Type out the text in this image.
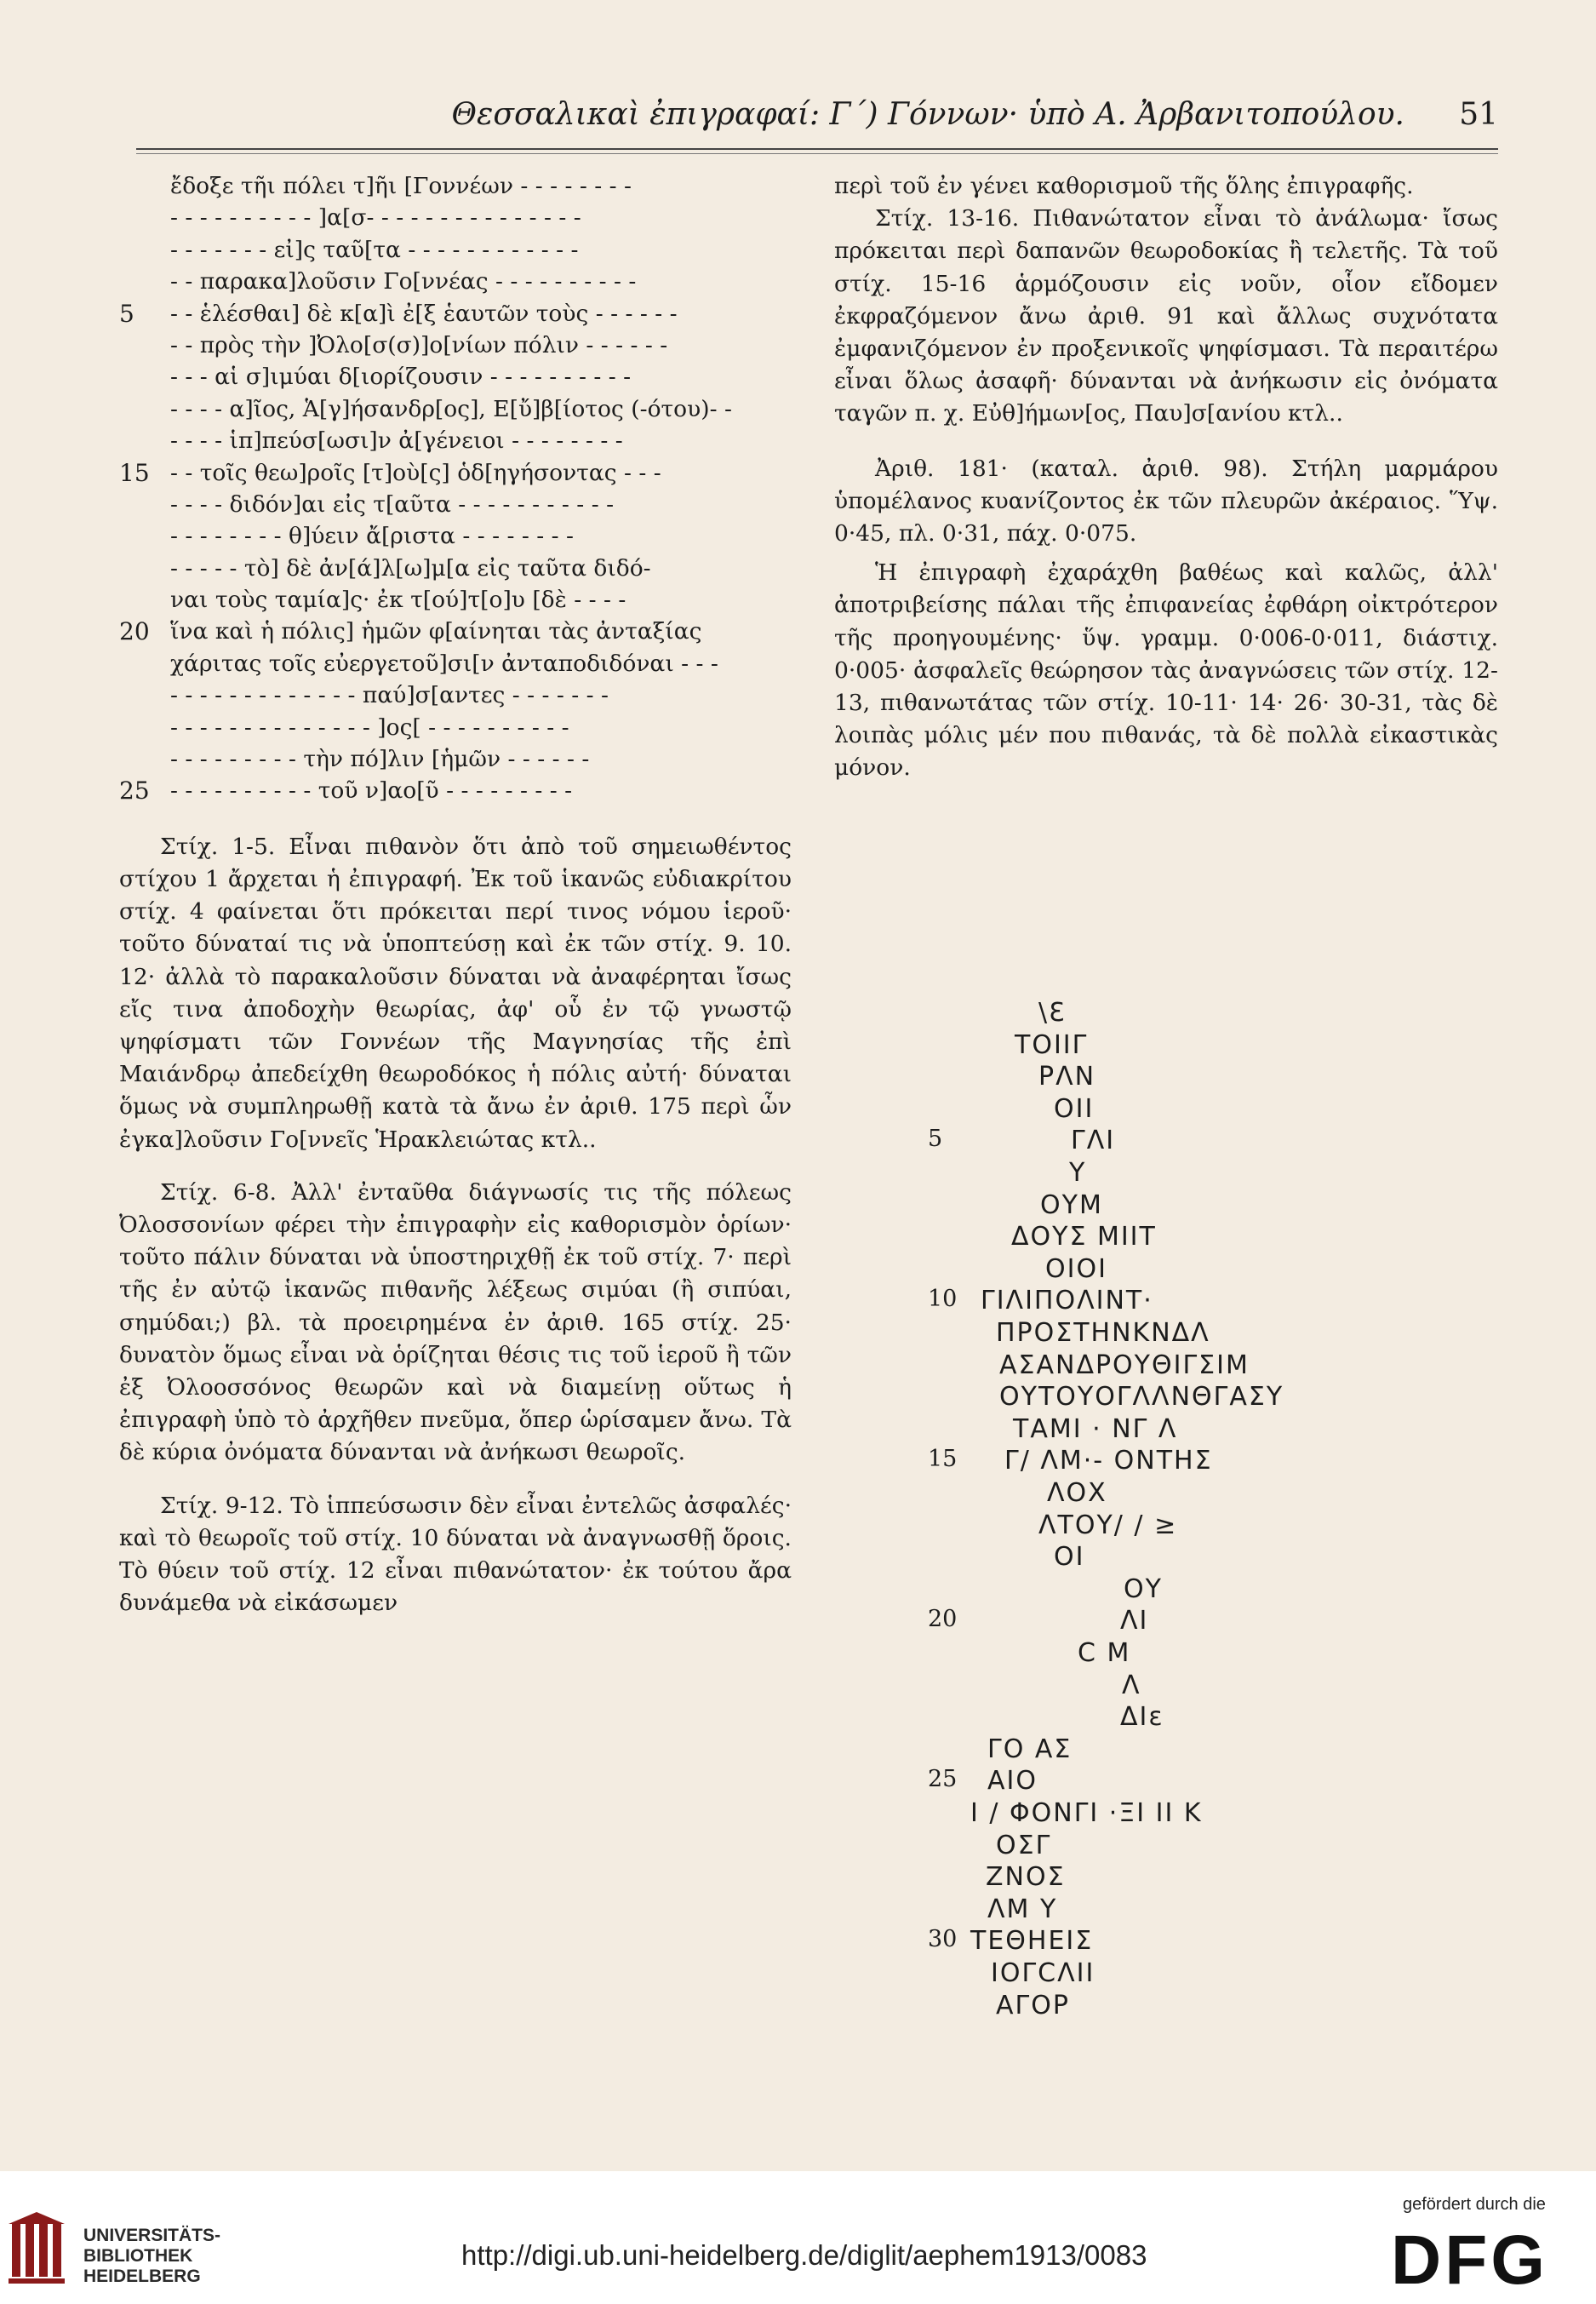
Θεσσαλικαὶ ἐπιγραφαί: Γ΄) Γόννων· ὑπὸ Α. Ἀρβανιτοπούλου. 51
ἔδοξε τῆι πόλει τ]ῆι [Γοννέων - - - - - - - -
- - - - - - - - - - ]α[σ- - - - - - - - - - - - - - -
- - - - - - - εἰ]ς ταῦ[τα - - - - - - - - - - - -
- - παρακα]λοῦσιν Γο[ννέας - - - - - - - - - -
5	- - ἑλέσθαι] δὲ κ[α]ὶ ἐ[ξ ἑαυτῶν τοὺς - - - - - -
- - πρὸς τὴν ]Ὀλο[σ(σ)]ο[νίων πόλιν - - - - - -
- - - αἱ σ]ιμύαι δ[ιορίζουσιν - - - - - - - - - -
- - - - α]ῖος, Ἁ[γ]ήσανδρ[ος], Ε[ὔ]β[ίοτος (-ότου)- -
- - - - ἱπ]πεύσ[ωσι]ν ἀ[γένειοι - - - - - - - -
15 - - τοῖς θεω]ροῖς [τ]οὺ[ς] ὁδ[ηγήσοντας - - -
- - - - διδόν]αι εἰς τ[αῦτα - - - - - - - - - - -
- - - - - - - - θ]ύειν ἄ[ριστα - - - - - - - -
- - - - - τὸ] δὲ ἀν[ά]λ[ω]μ[α εἰς ταῦτα διδό-
ναι τοὺς ταμία]ς· ἐκ τ[ού]τ[ο]υ [δὲ - - - -
20 ἵνα καὶ ἡ πόλις] ἡμῶν φ[αίνηται τὰς ἀνταξίας
χάριτας τοῖς εὐεργετοῦ]σι[ν ἀνταποδιδόναι - - -
- - - - - - - - - - - - - παύ]σ[αντες - - - - - - -
- - - - - - - - - - - - - - ]ος[ - - - - - - - - - -
- - - - - - - - - τὴν πό]λιν [ἡμῶν - - - - - -
25 - - - - - - - - - - τοῦ ν]αο[ῦ - - - - - - - - -

Στίχ. 1-5. Εἶναι πιθανὸν ὅτι ἀπὸ τοῦ σημειωθέντος στίχου 1 ἄρχεται ἡ ἐπιγραφή. Ἐκ τοῦ ἱκανῶς εὐδιακρίτου στίχ. 4 φαίνεται ὅτι πρόκειται περί τινος νόμου ἱεροῦ· τοῦτο δύναταί τις νὰ ὑποπτεύσῃ καὶ ἐκ τῶν στίχ. 9. 10. 12· ἀλλὰ τὸ παρακαλοῦσιν δύναται νὰ ἀναφέρηται ἴσως εἴς τινα ἀποδοχὴν θεωρίας, ἀφ' οὗ ἐν τῷ γνωστῷ ψηφίσματι τῶν Γοννέων τῆς Μαγνησίας τῆς ἐπὶ Μαιάνδρῳ ἀπεδείχθη θεωροδόκος ἡ πόλις αὐτή· δύναται ὅμως νὰ συμπληρωθῇ κατὰ τὰ ἄνω ἐν ἀριθ. 175 περὶ ὧν ἐγκα]λοῦσιν Γο[ννεῖς Ἡρακλειώτας κτλ..

Στίχ. 6-8. Ἀλλ' ἐνταῦθα διάγνωσίς τις τῆς πόλεως Ὀλοσσονίων φέρει τὴν ἐπιγραφὴν εἰς καθορισμὸν ὁρίων· τοῦτο πάλιν δύναται νὰ ὑποστηριχθῇ ἐκ τοῦ στίχ. 7· περὶ τῆς ἐν αὐτῷ ἱκανῶς πιθανῆς λέξεως σιμύαι (ἢ σιπύαι, σημύδαι;) βλ. τὰ προειρημένα ἐν ἀριθ. 165 στίχ. 25· δυνατὸν ὅμως εἶναι νὰ ὁρίζηται θέσις τις τοῦ ἱεροῦ ἢ τῶν ἐξ Ὀλοοσσόνος θεωρῶν καὶ νὰ διαμείνῃ οὕτως ἡ ἐπιγραφὴ ὑπὸ τὸ ἀρχῆθεν πνεῦμα, ὅπερ ὡρίσαμεν ἄνω. Τὰ δὲ κύρια ὀνόματα δύνανται νὰ ἀνήκωσι θεωροῖς.

Στίχ. 9-12. Τὸ ἱππεύσωσιν δὲν εἶναι ἐντελῶς ἀσφαλές· καὶ τὸ θεωροῖς τοῦ στίχ. 10 δύναται νὰ ἀναγνωσθῇ ὅροις. Τὸ θύειν τοῦ στίχ. 12 εἶναι πιθανώτατον· ἐκ τούτου ἄρα δυνάμεθα νὰ εἰκάσωμεν

περὶ τοῦ ἐν γένει καθορισμοῦ τῆς ὅλης ἐπιγραφῆς.

Στίχ. 13-16. Πιθανώτατον εἶναι τὸ ἀνάλωμα· ἴσως πρόκειται περὶ δαπανῶν θεωροδοκίας ἢ τελετῆς. Τὰ τοῦ στίχ. 15-16 ἁρμόζουσιν εἰς νοῦν, οἷον εἴδομεν ἐκφραζόμενον ἄνω ἀριθ. 91 καὶ ἄλλως συχνότατα ἐμφανιζόμενον ἐν προξενικοῖς ψηφίσμασι. Τὰ περαιτέρω εἶναι ὅλως ἀσαφῆ· δύνανται νὰ ἀνήκωσιν εἰς ὀνόματα ταγῶν π. χ. Εὐθ]ήμων[ος, Παυ]σ[ανίου κτλ..

Ἀριθ. 181· (καταλ. ἀριθ. 98). Στήλη μαρμάρου ὑπομέλανος κυανίζοντος ἐκ τῶν πλευρῶν ἀκέραιος. Ὕψ. 0·45, πλ. 0·31, πάχ. 0·075.

Ἡ ἐπιγραφὴ ἐχαράχθη βαθέως καὶ καλῶς, ἀλλ' ἀποτριβείσης πάλαι τῆς ἐπιφανείας ἐφθάρη οἰκτρότερον τῆς προηγουμένης· ὕψ. γραμμ. 0·006-0·011, διάστιχ. 0·005· ἀσφαλεῖς θεώρησον τὰς ἀναγνώσεις τῶν στίχ. 12-13, πιθανωτάτας τῶν στίχ. 10-11· 14· 26· 30-31, τὰς δὲ λοιπὰς μόλις μέν που πιθανάς, τὰ δὲ πολλὰ εἰκαστικὰς μόνον.

\Ɛ
ΤΟΙΙΓ
ΡΛΝ
ΟΙΙ
5	ΓΛΙ
Υ
ΟΥΜ
ΔΟΥΣ ΜΙΙΤ
ΟΙΟΙ
10 ΓΙΛΙΠΟΛΙΝΤ·
ΠΡΟΣΤΗΝΚΝΔΛ
ΑΣΑΝΔΡΟΥΘΙΓΣΙΜ
ΟΥΤΟΥΟΓΛΛΝΘΓΑΣΥ
ΤΑΜΙ · ΝΓ Λ
15 Γ/ ΛΜ·- ΟΝΤΗΣ
ΛΟΧ
ΛΤΟΥ/ / ≥
ΟΙ
ΟΥ
20	ΛΙ
Ϲ Μ
Λ
ΔΙε
ΓΟ ΑΣ
25 ΑΙΟ
Ι / ΦΟΝΓΙ ·ΞΙ ΙΙ Κ
ΟΣΓ
ΖΝΟΣ
ΛΜ Υ
30 ΤΕΘΗΕΙΣ
ΙΟΓϹΛΙΙ
ΑΓΟΡ
UNIVERSITÄTS-
BIBLIOTHEK
HEIDELBERG
http://digi.ub.uni-heidelberg.de/diglit/aephem1913/0083
gefördert durch die
DFG
